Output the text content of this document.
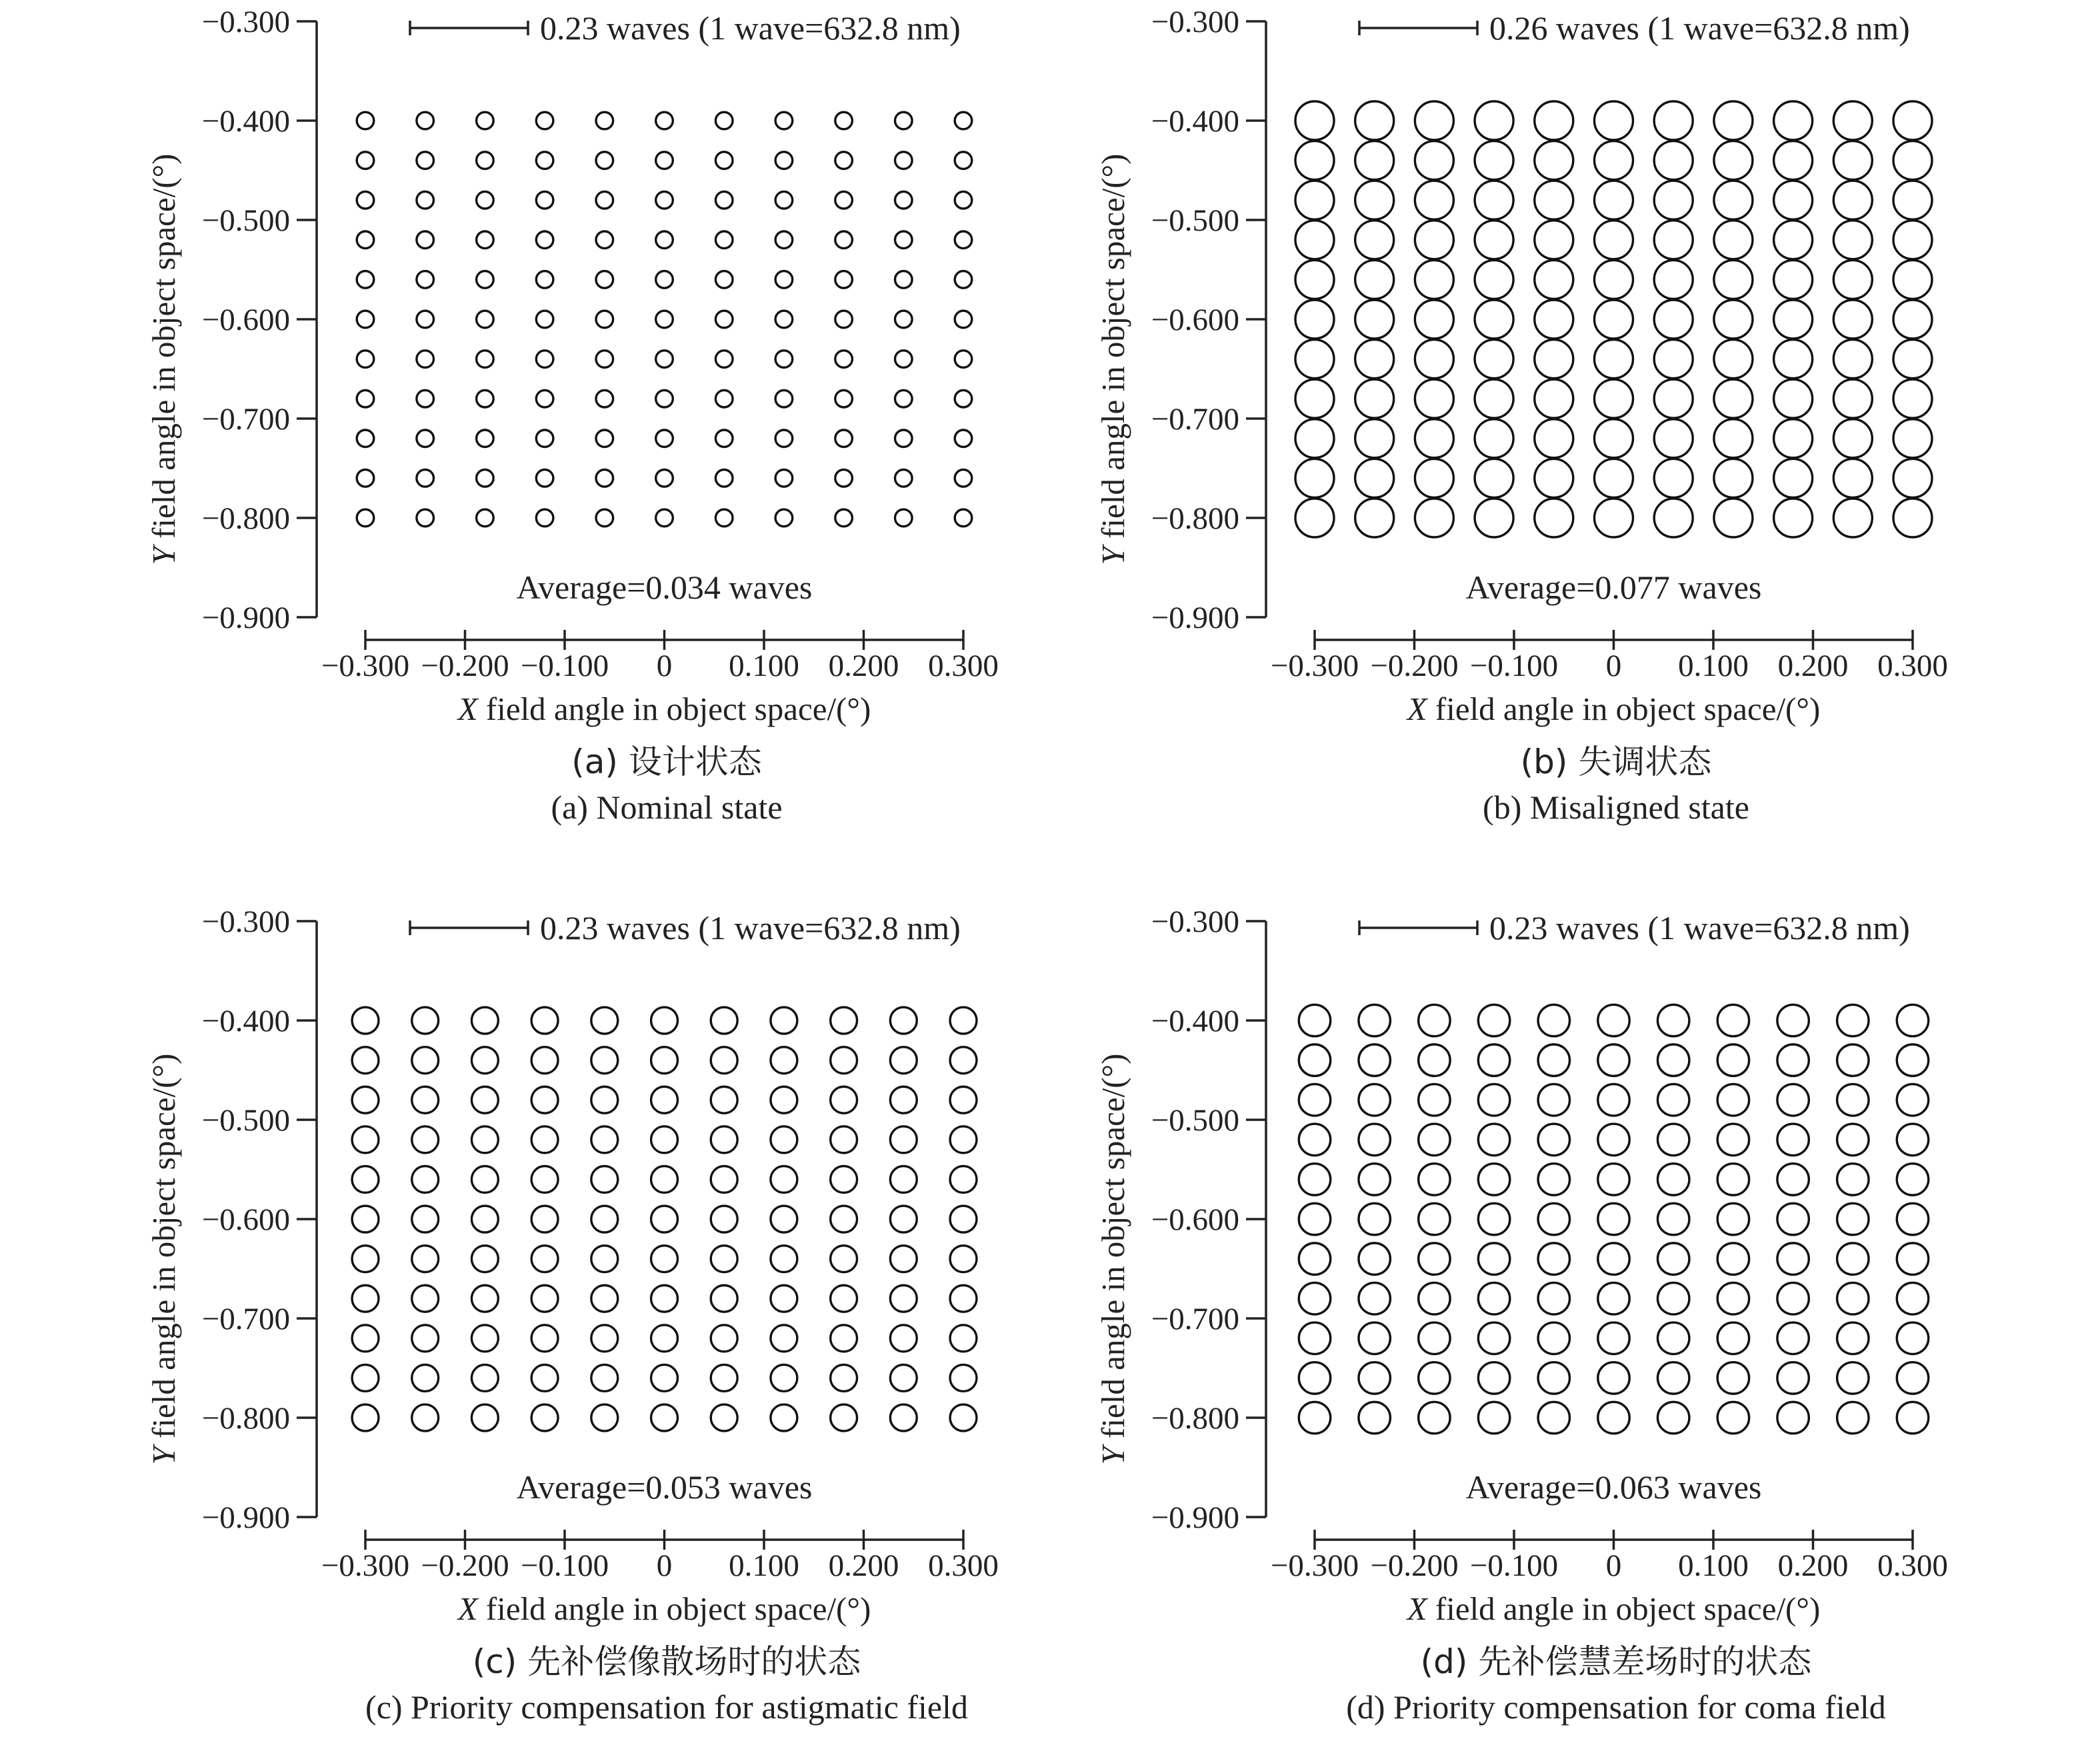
−0.300
−0.400
−0.500
−0.600
−0.700
−0.800
−0.900
−0.300 −0.200 −0.100 0 0.100 0.200 0.300
X field angle in object space/(°)
Y field angle in object space/(°)
0.23 waves (1 wave=632.8 nm)
Average=0.034 waves
(a) 设计状态
(a) Nominal state
−0.300
−0.400
−0.500
−0.600
−0.700
−0.800
−0.900
−0.300 −0.200 −0.100 0 0.100 0.200 0.300
X field angle in object space/(°)
Y field angle in object space/(°)
0.26 waves (1 wave=632.8 nm)
Average=0.077 waves
(b) 失调状态
(b) Misaligned state
−0.300
−0.400
−0.500
−0.600
−0.700
−0.800
−0.900
−0.300 −0.200 −0.100 0 0.100 0.200 0.300
X field angle in object space/(°)
Y field angle in object space/(°)
0.23 waves (1 wave=632.8 nm)
Average=0.053 waves
(c) 先补偿像散场时的状态
(c) Priority compensation for astigmatic field
−0.300
−0.400
−0.500
−0.600
−0.700
−0.800
−0.900
−0.300 −0.200 −0.100 0 0.100 0.200 0.300
X field angle in object space/(°)
Y field angle in object space/(°)
0.23 waves (1 wave=632.8 nm)
Average=0.063 waves
(d) 先补偿慧差场时的状态
(d) Priority compensation for coma field
